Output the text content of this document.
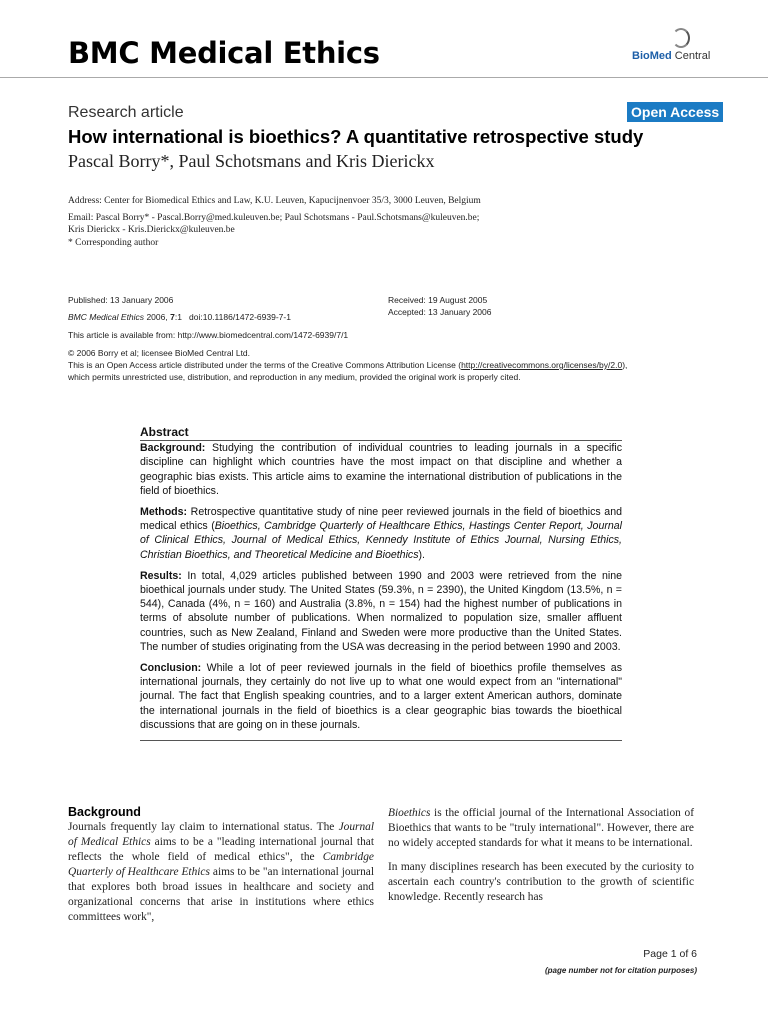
BMC Medical Ethics	BioMed Central
Research article	Open Access
How international is bioethics? A quantitative retrospective study
Pascal Borry*, Paul Schotsmans and Kris Dierickx
Address: Center for Biomedical Ethics and Law, K.U. Leuven, Kapucijnenvoer 35/3, 3000 Leuven, Belgium
Email: Pascal Borry* - Pascal.Borry@med.kuleuven.be; Paul Schotsmans - Paul.Schotsmans@kuleuven.be;
Kris Dierickx - Kris.Dierickx@kuleuven.be
* Corresponding author
Published: 13 January 2006
BMC Medical Ethics 2006, 7:1 doi:10.1186/1472-6939-7-1
Received: 19 August 2005
Accepted: 13 January 2006
This article is available from: http://www.biomedcentral.com/1472-6939/7/1
© 2006 Borry et al; licensee BioMed Central Ltd.
This is an Open Access article distributed under the terms of the Creative Commons Attribution License (http://creativecommons.org/licenses/by/2.0),
which permits unrestricted use, distribution, and reproduction in any medium, provided the original work is properly cited.
Abstract

Background: Studying the contribution of individual countries to leading journals in a specific discipline can highlight which countries have the most impact on that discipline and whether a geographic bias exists. This article aims to examine the international distribution of publications in the field of bioethics.

Methods: Retrospective quantitative study of nine peer reviewed journals in the field of bioethics and medical ethics (Bioethics, Cambridge Quarterly of Healthcare Ethics, Hastings Center Report, Journal of Clinical Ethics, Journal of Medical Ethics, Kennedy Institute of Ethics Journal, Nursing Ethics, Christian Bioethics, and Theoretical Medicine and Bioethics).

Results: In total, 4,029 articles published between 1990 and 2003 were retrieved from the nine bioethical journals under study. The United States (59.3%, n = 2390), the United Kingdom (13.5%, n = 544), Canada (4%, n = 160) and Australia (3.8%, n = 154) had the highest number of publications in terms of absolute number of publications. When normalized to population size, smaller affluent countries, such as New Zealand, Finland and Sweden were more productive than the United States. The number of studies originating from the USA was decreasing in the period between 1990 and 2003.

Conclusion: While a lot of peer reviewed journals in the field of bioethics profile themselves as international journals, they certainly do not live up to what one would expect from an "international" journal. The fact that English speaking countries, and to a larger extent American authors, dominate the international journals in the field of bioethics is a clear geographic bias towards the bioethical discussions that are going on in these journals.

Background

Journals frequently lay claim to international status. The Journal of Medical Ethics aims to be a "leading international journal that reflects the whole field of medical ethics", the Cambridge Quarterly of Healthcare Ethics aims to be "an international journal that explores both broad issues in healthcare and society and organizational concerns that arise in institutions where ethics committees work",

Bioethics is the official journal of the International Association of Bioethics that wants to be "truly international". However, there are no widely accepted standards for what it means to be international.

In many disciplines research has been executed by the curiosity to ascertain each country's contribution to the growth of scientific knowledge. Recently research has

Page 1 of 6
(page number not for citation purposes)
